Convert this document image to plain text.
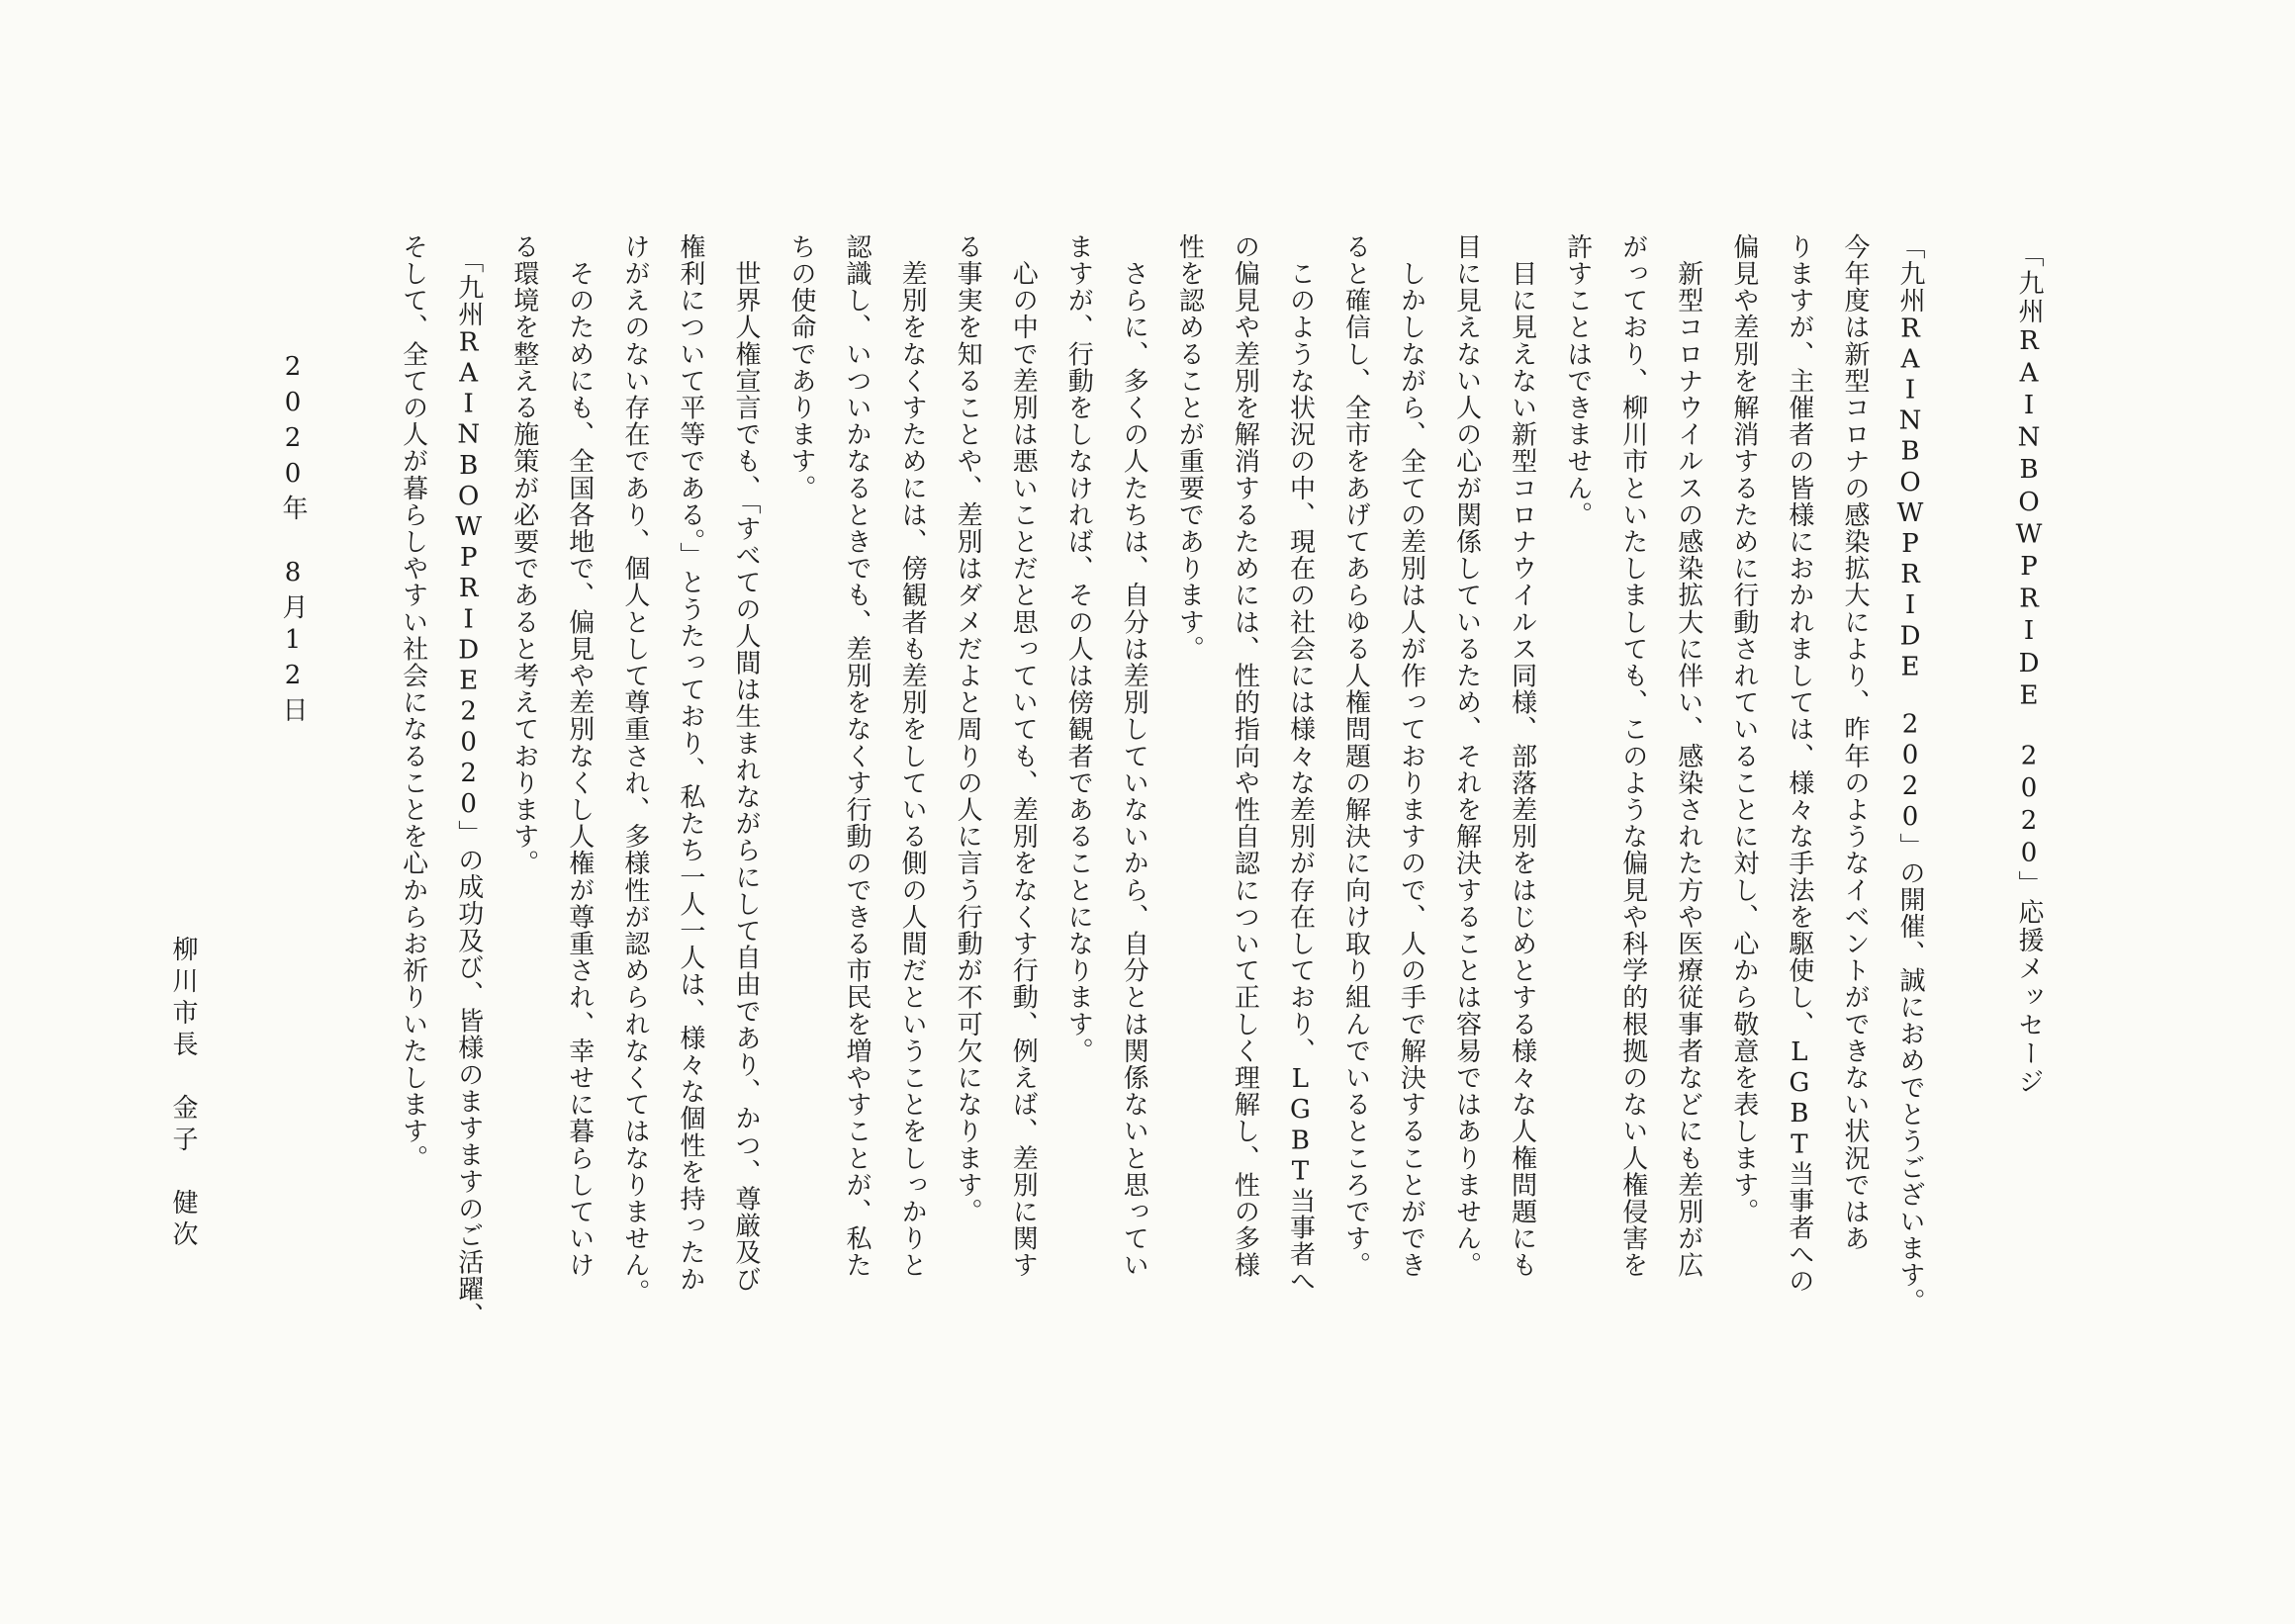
「九州RAINBOWPRIDE　2020」応援メッセージ
「九州RAINBOWPRIDE　2020」の開催、誠におめでとうございます。
今年度は新型コロナの感染拡大により、昨年のようなイベントができない状況ではあ
りますが、主催者の皆様におかれましては、様々な手法を駆使し、LGBT当事者への
偏見や差別を解消するために行動されていることに対し、心から敬意を表します。
　新型コロナウイルスの感染拡大に伴い、感染された方や医療従事者などにも差別が広
がっており、柳川市といたしましても、このような偏見や科学的根拠のない人権侵害を
許すことはできません。
　目に見えない新型コロナウイルス同様、部落差別をはじめとする様々な人権問題にも
目に見えない人の心が関係しているため、それを解決することは容易ではありません。
　しかしながら、全ての差別は人が作っておりますので、人の手で解決することができ
ると確信し、全市をあげてあらゆる人権問題の解決に向け取り組んでいるところです。
　このような状況の中、現在の社会には様々な差別が存在しており、LGBT当事者へ
の偏見や差別を解消するためには、性的指向や性自認について正しく理解し、性の多様
性を認めることが重要であります。
　さらに、多くの人たちは、自分は差別していないから、自分とは関係ないと思ってい
ますが、行動をしなければ、その人は傍観者であることになります。
　心の中で差別は悪いことだと思っていても、差別をなくす行動、例えば、差別に関す
る事実を知ることや、差別はダメだよと周りの人に言う行動が不可欠になります。
　差別をなくすためには、傍観者も差別をしている側の人間だということをしっかりと
認識し、いついかなるときでも、差別をなくす行動のできる市民を増やすことが、私た
ちの使命であります。
　世界人権宣言でも、「すべての人間は生まれながらにして自由であり、かつ、尊厳及び
権利について平等である。」とうたっており、私たち一人一人は、様々な個性を持ったか
けがえのない存在であり、個人として尊重され、多様性が認められなくてはなりません。
　そのためにも、全国各地で、偏見や差別なくし人権が尊重され、幸せに暮らしていけ
る環境を整える施策が必要であると考えております。
　「九州RAINBOWPRIDE2020」の成功及び、皆様のますますのご活躍、
そして、全ての人が暮らしやすい社会になることを心からお祈りいたします。
2020年　8月12日
柳川市長　金子　健次
